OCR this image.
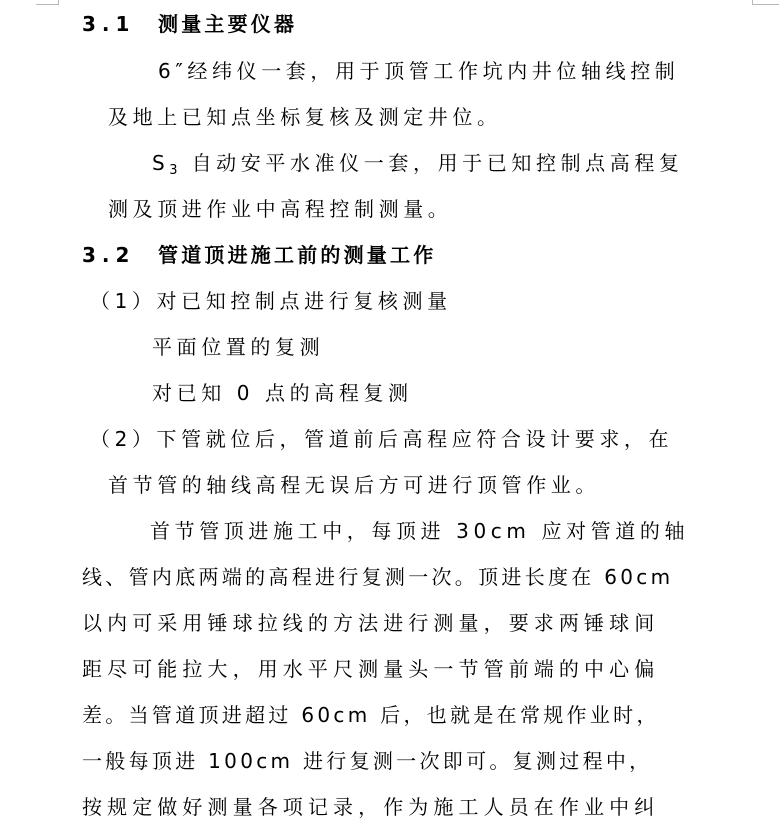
3.1 测量主要仪器
6″经纬仪一套，用于顶管工作坑内井位轴线控制
及地上已知点坐标复核及测定井位。
$S_3$ 自动安平水准仪一套，用于已知控制点高程复
测及顶进作业中高程控制测量。
3.2 管道顶进施工前的测量工作
（1）对已知控制点进行复核测量
平面位置的复测
对已知 0 点的高程复测
（2）下管就位后，管道前后高程应符合设计要求，在
首节管的轴线高程无误后方可进行顶管作业。
首节管顶进施工中，每顶进 30cm 应对管道的轴
线、管内底两端的高程进行复测一次。顶进长度在 60cm
以内可采用锤球拉线的方法进行测量，要求两锤球间
距尽可能拉大，用水平尺测量头一节管前端的中心偏
差。当管道顶进超过 60cm 后，也就是在常规作业时，
一般每顶进 100cm 进行复测一次即可。复测过程中，
按规定做好测量各项记录，作为施工人员在作业中纠
